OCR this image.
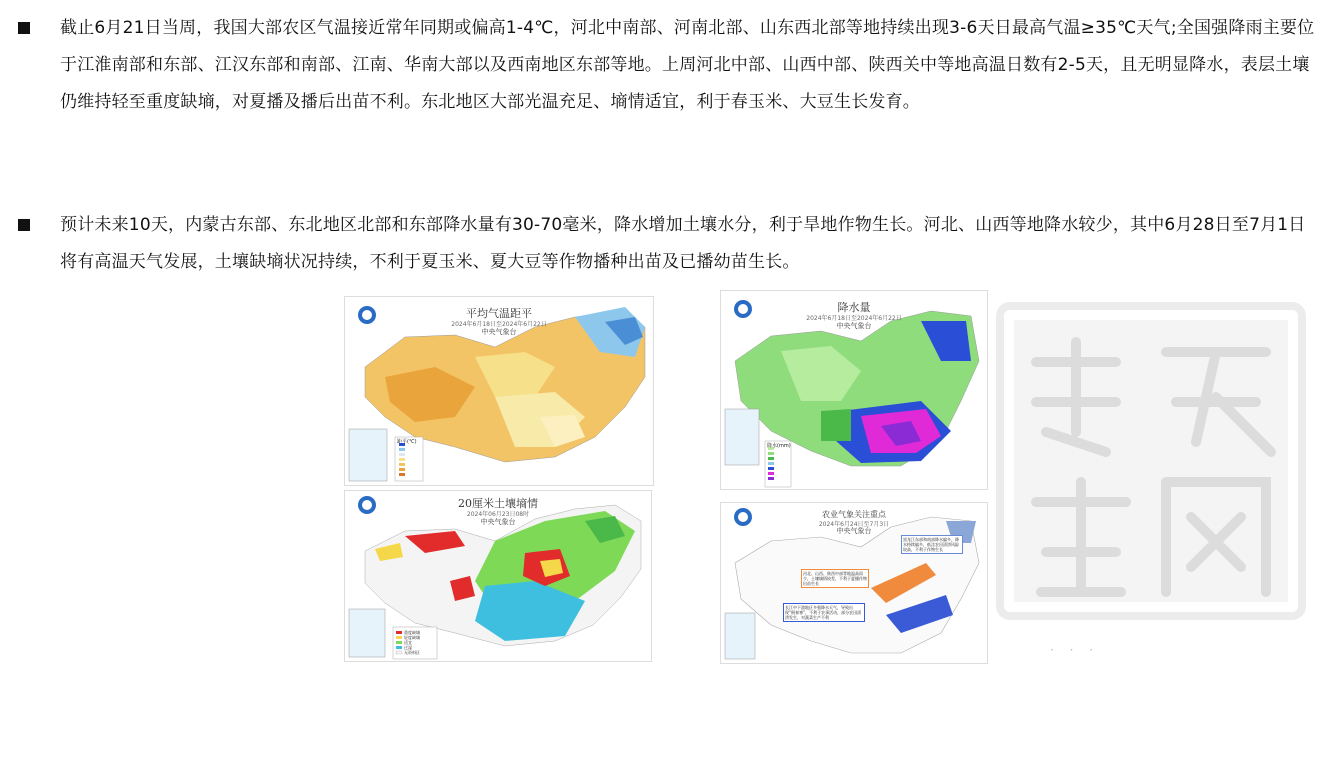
截止6月21日当周，我国大部农区气温接近常年同期或偏高1-4℃，河北中南部、河南北部、山东西北部等地持续出现3-6天日最高气温≥35℃天气;全国强降雨主要位于江淮南部和东部、江汉东部和南部、江南、华南大部以及西南地区东部等地。上周河北中部、山西中部、陕西关中等地高温日数有2-5天，且无明显降水，表层土壤仍维持轻至重度缺墒，对夏播及播后出苗不利。东北地区大部光温充足、墒情适宜，利于春玉米、大豆生长发育。
预计未来10天，内蒙古东部、东北地区北部和东部降水量有30-70毫米，降水增加土壤水分，利于旱地作物生长。河北、山西等地降水较少，其中6月28日至7月1日将有高温天气发展，土壤缺墒状况持续，不利于夏玉米、夏大豆等作物播种出苗及已播幼苗生长。
平均气温距平
2024年6月18日至2024年6月22日
中央气象台
距平(℃)
降水量
2024年6月18日至2024年6月22日
中央气象台
降水(mm)
20厘米土壤墒情
2024年06月23日08时
中央气象台
重度缺墒
轻度缺墒
适宜
过湿
无资料区
农业气象关注重点
2024年6月24日至7月3日
中央气象台
黑龙江东部和南部降水偏多，降水持续偏多，低洼农田渍涝风险较高，不利于作物生长
河北、山西、陕西中部等地温高雨少，土壤墒情较差，不利于夏播作物出苗生长
长江中下游地区多强降水天气，导致出现“倒春寒”，不利于农事活动，部分农田渍涝发生，对蔬菜生产不利
· · ·
